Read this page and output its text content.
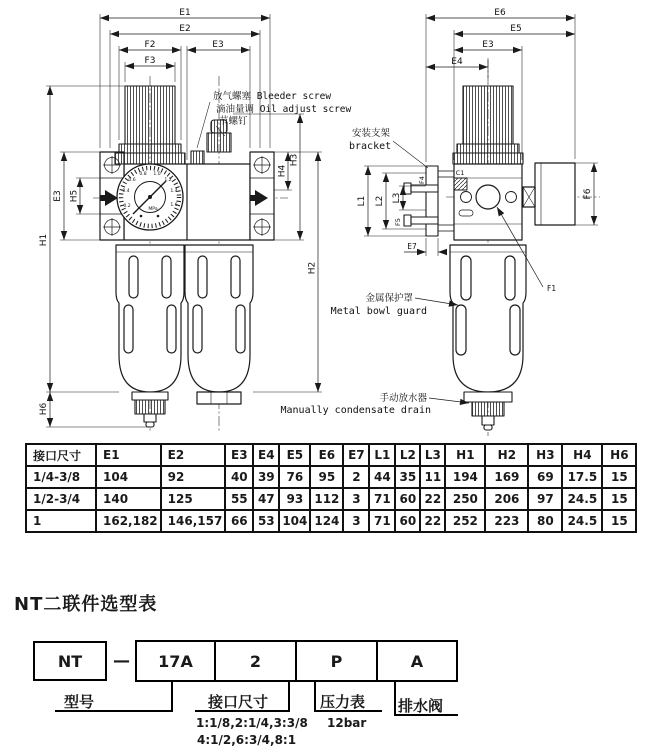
0.2
0.4
0.6
0.8 1.0
1.2
1.4
1.6
MPa
E1
E2
F2	E3
F3
H1
H6
E3 H5
H4
H3
H2
放气螺塞 Bleeder screw
滴油量调 Oil adjust screw
节螺钉
E6
E5
E3
E4
C1
L1 L2 L3
F4
F5
E7
F1
F6
安装支架
bracket
金属保护罩
Metal bowl guard
手动放水器
Manually condensate drain
接口尺寸	E1	E2	E3	E4	E5	E6	E7	L1	L2	L3	H1	H2	H3	H4	H6
1/4-3/8	104	92	40	39	76	95	2	44	35	11	194	169	69	17.5	15
1/2-3/4	140	125	55	47	93	112	3	71	60	22	250	206	97	24.5	15
1	162,182	146,157	66	53	104	124	3	71	60	22	252	223	80	24.5	15
NT二联件选型表
NT	—	17A	2	P	A
型号	接口尺寸	压力表 排水阀
1:1/8,2:1/4,3:3/8
4:1/2,6:3/4,8:1
12bar
